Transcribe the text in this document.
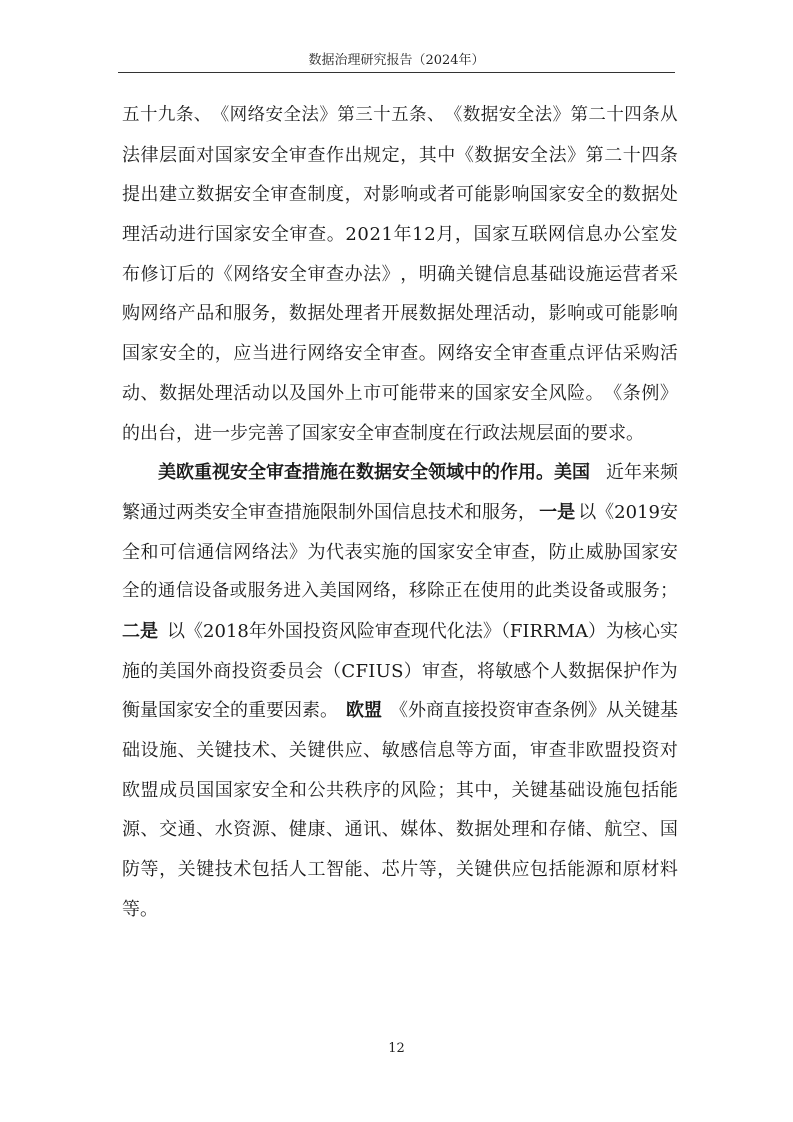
数据治理研究报告（2024年）
五 十 九 条 、 《 网 络 安 全 法 》 第 三 十 五 条 、 《 数 据 安 全 法 》 第 二 十 四 条 从
法 律 层 面 对 国 家 安 全 审 查 作 出 规 定 ， 其 中 《 数 据 安 全 法 》 第 二 十 四 条
提 出 建 立 数 据 安 全 审 查 制 度 ， 对 影 响 或 者 可 能 影 响 国 家 安 全 的 数 据 处
理 活 动 进 行 国 家 安 全 审 查 。 2 0 2 1 年 1 2 月 ， 国 家 互 联 网 信 息 办 公 室 发
布 修 订 后 的 《 网 络 安 全 审 查 办 法 》 ， 明 确 关 键 信 息 基 础 设 施 运 营 者 采
购 网 络 产 品 和 服 务 ， 数 据 处 理 者 开 展 数 据 处 理 活 动 ， 影 响 或 可 能 影 响
国 家 安 全 的 ， 应 当 进 行 网 络 安 全 审 查 。 网 络 安 全 审 查 重 点 评 估 采 购 活
动 、 数 据 处 理 活 动 以 及 国 外 上 市 可 能 带 来 的 国 家 安 全 风 险 。 《 条 例 》
的出台，进一步完善了国家安全审查制度在行政法规层面的要求。
美欧重视安全审查措施在数据安全领域中的作用。美国 近年来频
繁通过两类安全审查措施限制外国信息技术和服务， 一是 以《2019安
全 和 可 信 通 信 网 络 法 》 为 代 表 实 施 的 国 家 安 全 审 查 ， 防 止 威 胁 国 家 安
全 的 通 信 设 备 或 服 务 进 入 美 国 网 络 ， 移 除 正 在 使 用 的 此 类 设 备 或 服 务 ；
二是 以《2018年外国投资风险审查现代化法》（FIRRMA）为核心实
施 的 美 国 外 商 投 资 委 员 会 （ C F I U S ） 审 查 ， 将 敏 感 个 人 数 据 保 护 作 为
衡量国家安全的重要因素。 欧盟 《外商直接投资审查条例》从关键基
础 设 施 、 关 键 技 术 、 关 键 供 应 、 敏 感 信 息 等 方 面 ， 审 查 非 欧 盟 投 资 对
欧 盟 成 员 国 国 家 安 全 和 公 共 秩 序 的 风 险 ； 其 中 ， 关 键 基 础 设 施 包 括 能
源 、 交 通 、 水 资 源 、 健 康 、 通 讯 、 媒 体 、 数 据 处 理 和 存 储 、 航 空 、 国
防 等 ， 关 键 技 术 包 括 人 工 智 能 、 芯 片 等 ， 关 键 供 应 包 括 能 源 和 原 材 料
等。
12
